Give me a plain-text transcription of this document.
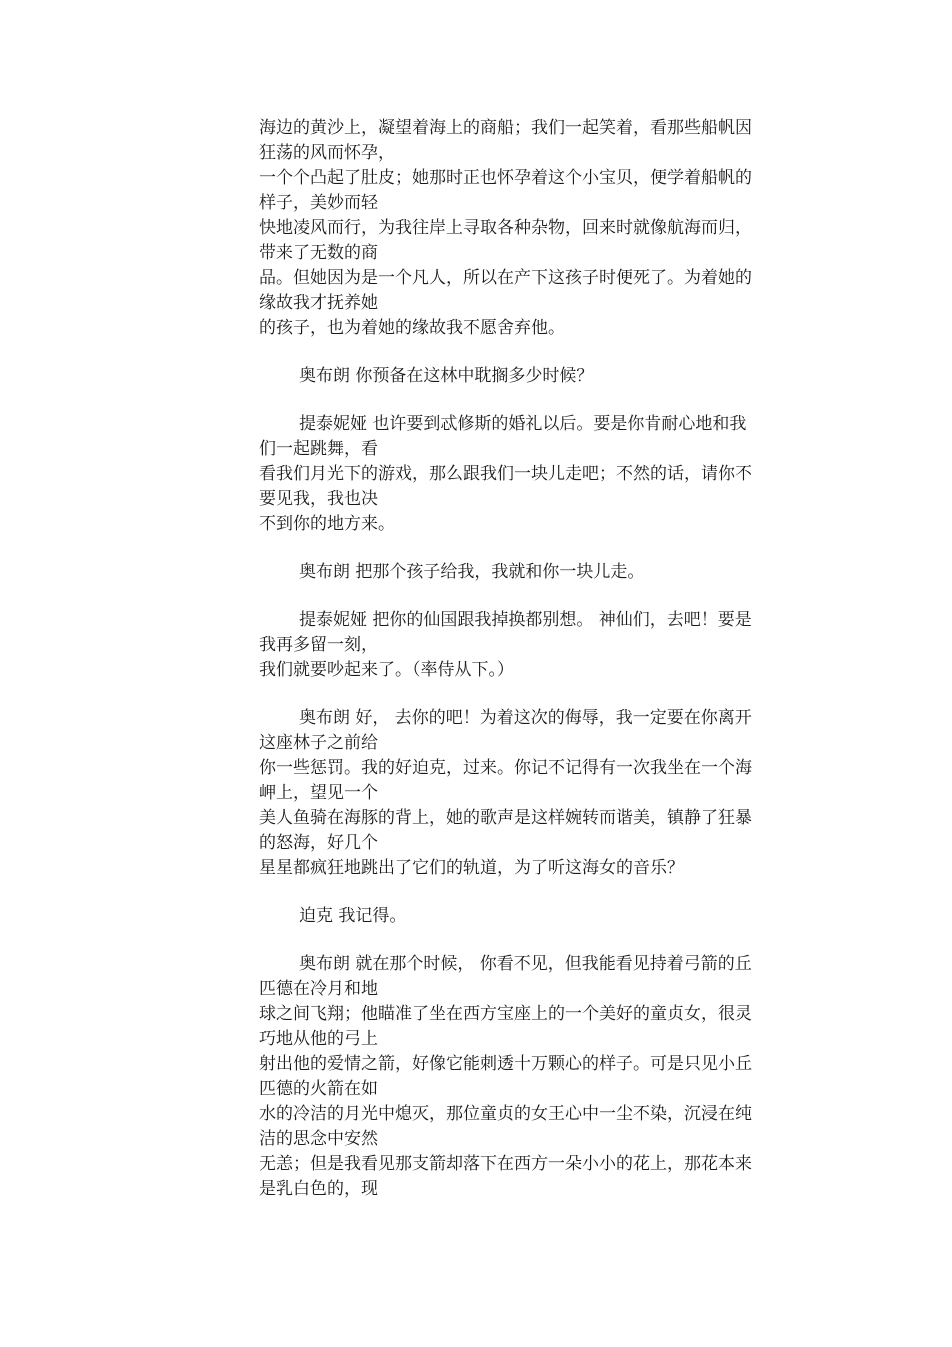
海边的黄沙上，凝望着海上的商船；我们一起笑着，看那些船帆因
狂荡的风而怀孕，
一个个凸起了肚皮；她那时正也怀孕着这个小宝贝，便学着船帆的
样子，美妙而轻
快地凌风而行，为我往岸上寻取各种杂物，回来时就像航海而归，
带来了无数的商
品。但她因为是一个凡人，所以在产下这孩子时便死了。为着她的
缘故我才抚养她
的孩子，也为着她的缘故我不愿舍弃他。
奥布朗 你预备在这林中耽搁多少时候？
提泰妮娅 也许要到忒修斯的婚礼以后。要是你肯耐心地和我
们一起跳舞，看
看我们月光下的游戏，那么跟我们一块儿走吧；不然的话，请你不
要见我，我也决
不到你的地方来。
奥布朗 把那个孩子给我，我就和你一块儿走。
提泰妮娅 把你的仙国跟我掉换都别想。 神仙们，去吧！要是
我再多留一刻，
我们就要吵起来了。（率侍从下。）
奥布朗 好， 去你的吧！为着这次的侮辱，我一定要在你离开
这座林子之前给
你一些惩罚。我的好迫克，过来。你记不记得有一次我坐在一个海
岬上，望见一个
美人鱼骑在海豚的背上，她的歌声是这样婉转而谐美，镇静了狂暴
的怒海，好几个
星星都疯狂地跳出了它们的轨道，为了听这海女的音乐？
迫克 我记得。
奥布朗 就在那个时候， 你看不见，但我能看见持着弓箭的丘
匹德在冷月和地
球之间飞翔；他瞄准了坐在西方宝座上的一个美好的童贞女，很灵
巧地从他的弓上
射出他的爱情之箭，好像它能刺透十万颗心的样子。可是只见小丘
匹德的火箭在如
水的冷洁的月光中熄灭，那位童贞的女王心中一尘不染，沉浸在纯
洁的思念中安然
无恙；但是我看见那支箭却落下在西方一朵小小的花上，那花本来
是乳白色的，现
